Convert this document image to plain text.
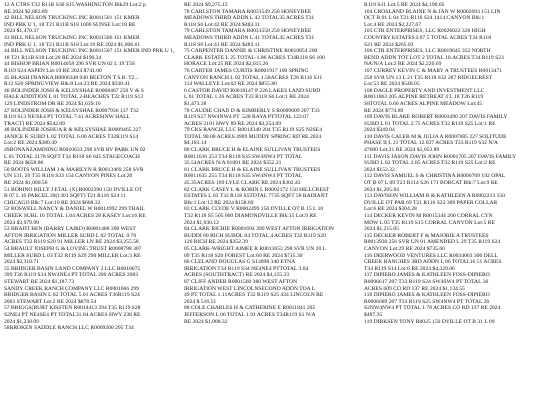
12 A CTRS T32 R11B S30 S15 WASHINGTON Blk29 Lot:2 p

RE 2024 $2,883.89

42 BILL NELSON TRUCKING INC R0011501 151 KMER

IND PRK U 1, 18 T21 R11B S18 1006 SUNSE Lot:18 RE

2024 $1,470.37

43 BILL NELSON TRUCKING INC R0011506 151 KMER

IND PRK U 1, 18 T21 R11B S18 Lot:19 RE 2024 $1,006.61

44 BILL NELSON TRUCKING INC R0011507 151 KMER IND PRK U 1,

18 T21 R11B S18 Lot:20 RE 2024 $190.34

44 BISHOP BRIAN R0014058 296 SVR UN 02 L 19 T3S

R119 S24 ASPEN Lot:19 RE 2024 $741.00

45 BLASH FRANKA R0006348 940 BEETON T S.B. T2...

R12 S20 SPRINGVIEW Blk:8 Lot:23 RE 2024 $330.41

46 BOLINDER JOSH & KELSYSHAE R0008467 250 V & S

HALE ADDITION L 01 TOTAL 2-BEACHES T32 R119 S13

129 LINDSTROM DR RE 2024 $1,639.10

47 BOLINDER JOSH & KELSYSHAE R0007936 137 T32

R119 S13 NE/SE4 PT TOTAL 7.41 ACRES(NW HALL

TRACT) RE 2024 $542.09

48 BOLINDER JOSHUA R & KELSYSHAE R0009465 227

JANICE K SUBD L 02 TOTAL 6.00 ACRES T32R119 S14

Lot:2 RE 2024 $380.49

49BONANZAMINING R0010633 298 SVR RV PARK UN 02

L 05 TOTAL 2178 SQFT T34 R118 S6 645 STAGECOACH

RE 2024 $658.86

50 BOOTS WILLIAM J & MARILYN R R0013469 258 SVR

UN 131, 20 T35 R118 S33 154 CANYON PINES Lot:20

RE 2024 $1,000.56

51 BORINO BILLY J ETAL (X) R0002390 150 DVILLE OT

B 07 L 10 PARCEL 39(1301 SQFT) T21 R116 S24 11

CHICAGO Blk:7 Lot:10 RE 2024 $668.32

52 BOSWELL NANCY & DANIEL W R0014992 299 TRAIL

CREEK SUBL 16 TOTAL 1.04 ACRES 28 KASEY Lot:16 RE

2024 $3,979.99

53 BRADT BEN (BARRY LAIRD) R0001488 390 WEST

AFTON IRRIGATION MILLER SUBD L 02 TOTAL 0.70

ACRES T32 R119 S20 91 MILLER LN RE 2024 $3,255.58

54 BRAULT JOSEPH G & LOVING TRUST R0008788 307

MILLER SUBD L 03 T32 R119 S29 290 MILLER Lot:3 RE

2024 $2,310.71

55 BRIDGER BASIN LAND COMPANY 2 LLC R0016075

399 T36 R119 S34 NW4NE4 PT TOTAL 200 ACRES 2083

STEWART RE 2024 $1,187.73

SANDY CREEK RANCH COMPANY LLC R0001666 299

BRIDGER BASIN L 02 TOTAL 5.01 ACRES T36R119 S24

2003 STEWART Lot:2 RE 2024 $878.54

57 BRIGGS(BURT KISSTEN R0014413 294 T35 R119 S28

S2NE4 PT NE4SE4 PT TOTAL31.64 ACRES HWY 238 RE

2024 $1,238.09

58BROKEN SADDLE RANCH LLC R0009200 295 T34

RE 2024 $9,275.12

78 CARLSTON TAMARA R0031549 250 HONEYBEE

MEADOWS THIRD ADDN L 42 TOTAL35 ACRES T31

R118 S6 Lot:42 RE 2024 $483.11

79 CARLSTON TAMARA R0031558 250 HONEYBEE

MEADOWS THIRD ADDN L 41 TOTAL45 ACRES T31

R118 S6 Lot:41 RE 2024 $483.11

75 CARPENTER DANNIE & CHRISTINE R0010854 200

CLARK ESTATE L 25 TOTAL-1.86 ACRES T34R118 S6 100

HORACE Lot:25 RE 2024 $2,015.26

76 CARTER JAMES CURTIS R0001917 100 SPRING

CANYON RANCH L 02 TOTAL 1.58ACRES T26 R116 S11

114 WALLEYE Lot:02 RE 2024 $855.80

6 CASTOR DAVID R0018147 P 226 LAKES LAND SUBD

L 01 TOTAL 1.26 ACRES T33 R118 S6 Lot:1 RE 2024

$1,473.38

78 CAUDIE CHAD D & KIMBERLY S R0009009 207 T33

R119 S27 NW4NW4 PT .528 RAYA PTTOTAL 122.07

ACRES 2101 HWY 89 RE 2024 $3,254.09

79 CKS RANCH, LLC R0014340 204 T35 R119 S25 N2SE4

TOTAL 90.00 ACRES 4969 MUDDY SPRING RD RE 2024

$4,183.14

80 CLARK BRUCE H & ELAINE SULLIVAN TRUSTEES

R0011636 253 T34 R118 S35 SW4NW4 PT TOTAL

35.54ACRES N/A 01001 RE 2024 $352.21

81 CLARK BRUCE H & ELAINE SULLIVAN TRUSTEES

R0011635 255 T34 R118 S35 SW4NW4 PT TOTAL

45.35ACRES 189 LYLE CLARK RE 2024 $302.43

82 CLARK CASEY L & ROBIN L R0002172 150 HILLCREST

ESTATES L 03 T32 R118 S5TOTAL 7735 SQFT 58 RADIANT

Blk:1 Lot:12 RE 2024 $158.69

83 CLARK CLYDE V R0002499 150 DVILLE OT B 15 L 10

T32 R118 S5 505 000 DIAMONDVILLE Blk:15 Lot:9 RE

2024 $1,030.12

84 CLARK RICHIE R0001694 390 WEST AFTON IRRIGATION

BUDDI 60 RICH SUBDL 04 TOTAL 4 ACRES T32 R119 S20

126 RICH RE 2024 $352.39

85 CLARK-WRIGHT AIMEE R R0013653 298 SVR UN 20 L

09 T35 R118 S20 FOREST Lot:60 RE 2024 $715.30

86 CLELAND DOUGLAS G S13098 340 ETNA

IRRIGATION T34 R119 S34 NE4NE4 PTTOTAL 3.04

ACRES (SOUTHTRACT) RE 2024 $4,155.33

87 CLIFF ANDER R0001560 380 WEST AFTON

IRRIGATION WEST LINCOLNSECOND ADDN TOA L

49 PT TOTAL 1.11ACRES T32 R119 S25 434 LINCOLN RE

2024 $ 516.51

88 COLE CHARLES H & CATHERINE E R0011841 205

JEFFERSON L 06 TOTAL 1.91 ACRES T34R119 S1 N/A

RE 2024 $1,008.32

R119 S31 Lot:5 RE 2024 $4,190.05

104 CROSLAND BLAINE N & JAN W R0002693 151 LIN

OCT B 01 L 04 T21 R116 S24 1414 CANYON Blk:1

Lot:4 RE 2024 $2,227.67

105 CTR ENTERPRISES, LLC R0026022 326 HIGH

COUNTRY ESTATES L07 5 TOTAL ACRES T34 R118

S21 RE 2024 $265.03

106 CTR ENTERPRISES, LLC R0019645 352 NORTH

BEND ADDN TOT LOT 2 TOTAL 10.ACRES T34 R119 S23

NA/N/A Lot:2 RE 2024 $2,220.69

107 CURREY KEVIN C & MARY A TRUSTEES R0013471

258 SVR UN 13 L 21 T35 R118 S32 287 RIDGECREST

Lot:53 RE 2024 $548.05

108 DAGLE PROPERTY AND INVESTMENT LLC

R0011863 205 ALPINE RETREAT 4 L 18 T26 R119

S8TOTAL 0.60 ACRES ALPINE MEADOW Lot:45

RE 2024 $774.89

109 DAVIS BLAKE ROBERT R0003490 207 DAVIS FAMILY

SUBD L 01 TOTAL 2.75 ACRES T32 R119 S25 Lot:1 RE

2024 $349.04

110 DAVIS CALEB M & JULIA A R0007085 227 SOLITUDE

PHASE II L 21 TOTAL 12.037 ACRES T33 R119 S32 N/A

47600 Lot:21 RE 2024 $1,053.89

111 DAVIS JASON DAVIS JOHN R0001705 207 DAVIS FAMILY

SUBD L 02 TOTAL 2.85 ACRES T32 R119 S25 Lot:2 RE

2024 $152.32

112 DAVIS SAMUEL S & CHRISTINA R0006709 192 OPAL

OT B 07 L 09 T23 R114 S26 171 BOBCAT Blk:7 Lot:9 RE

2024 $1,205.84

113 DAVISON WILLIAM B & KATHLEEN A R0002213 150

DVILLE OT PAR 69 T21 R116 S23 309 PAPER COLLAR

Lot:6 RE 2024 $304.28

114 DECKER KEVIN M R0015344 260 CORRAL CYN

MDW L 05 T35 R119 S15 CORRAL CANYON Lot:5 RE

2024 $1,215.05

115 DECKER ROBERT F & MAJORIE A TRUSTEES

R0013930 256 SVR UN 01 AMENDED L 29 T35 R119 S24

CANYON Lot:29 RE 2024 $735.60

116 DEERWOOD VENTURES LLC R0034063 300 DELL

CREEK RANCHES 3RD ADDN L 06 TOTAL16.51 ACRES

T34 R119 S14 Lot:6 RE 2024 $4,329.06

117 DIPIERO JAMES & KATHLEEN FOSS-DIPIERO

R0006617 207 T33 R119 S24 SW4SW4 PT TOTAL 36

ACRES 609 CO RD 137 RE 2024 $1,134.55

118 DIPIERO JAMES & KATHLEEN FOSS-DIPIERO

R0006689 207 T33 R119 S25 SW4NW4 PT TOTAL 26

S2NW4NW4 PT TOTAL 1.78 ACRES CO RD 137 RE 2024

$487.35

119 DIRKSEN TONY R0025 150 DVILLE OT B 31 L 09
